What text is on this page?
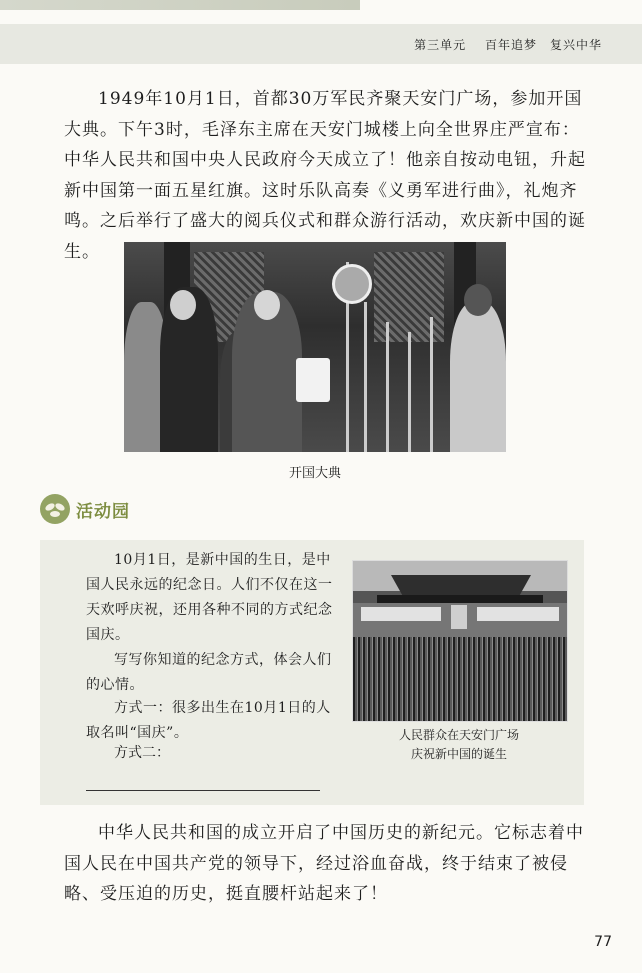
第三单元 百年追梦　复兴中华

1949年10月1日，首都30万军民齐聚天安门广场，参加开国大典。下午3时，毛泽东主席在天安门城楼上向全世界庄严宣布：中华人民共和国中央人民政府今天成立了！他亲自按动电钮，升起新中国第一面五星红旗。这时乐队高奏《义勇军进行曲》，礼炮齐鸣。之后举行了盛大的阅兵仪式和群众游行活动，欢庆新中国的诞生。

开国大典
活动园

10月1日，是新中国的生日，是中国人民永远的纪念日。人们不仅在这一天欢呼庆祝，还用各种不同的方式纪念国庆。

写写你知道的纪念方式，体会人们的心情。

方式一：很多出生在10月1日的人取名叫“国庆”。

方式二：
人民群众在天安门广场
庆祝新中国的诞生

中华人民共和国的成立开启了中国历史的新纪元。它标志着中国人民在中国共产党的领导下，经过浴血奋战，终于结束了被侵略、受压迫的历史，挺直腰杆站起来了！

77
